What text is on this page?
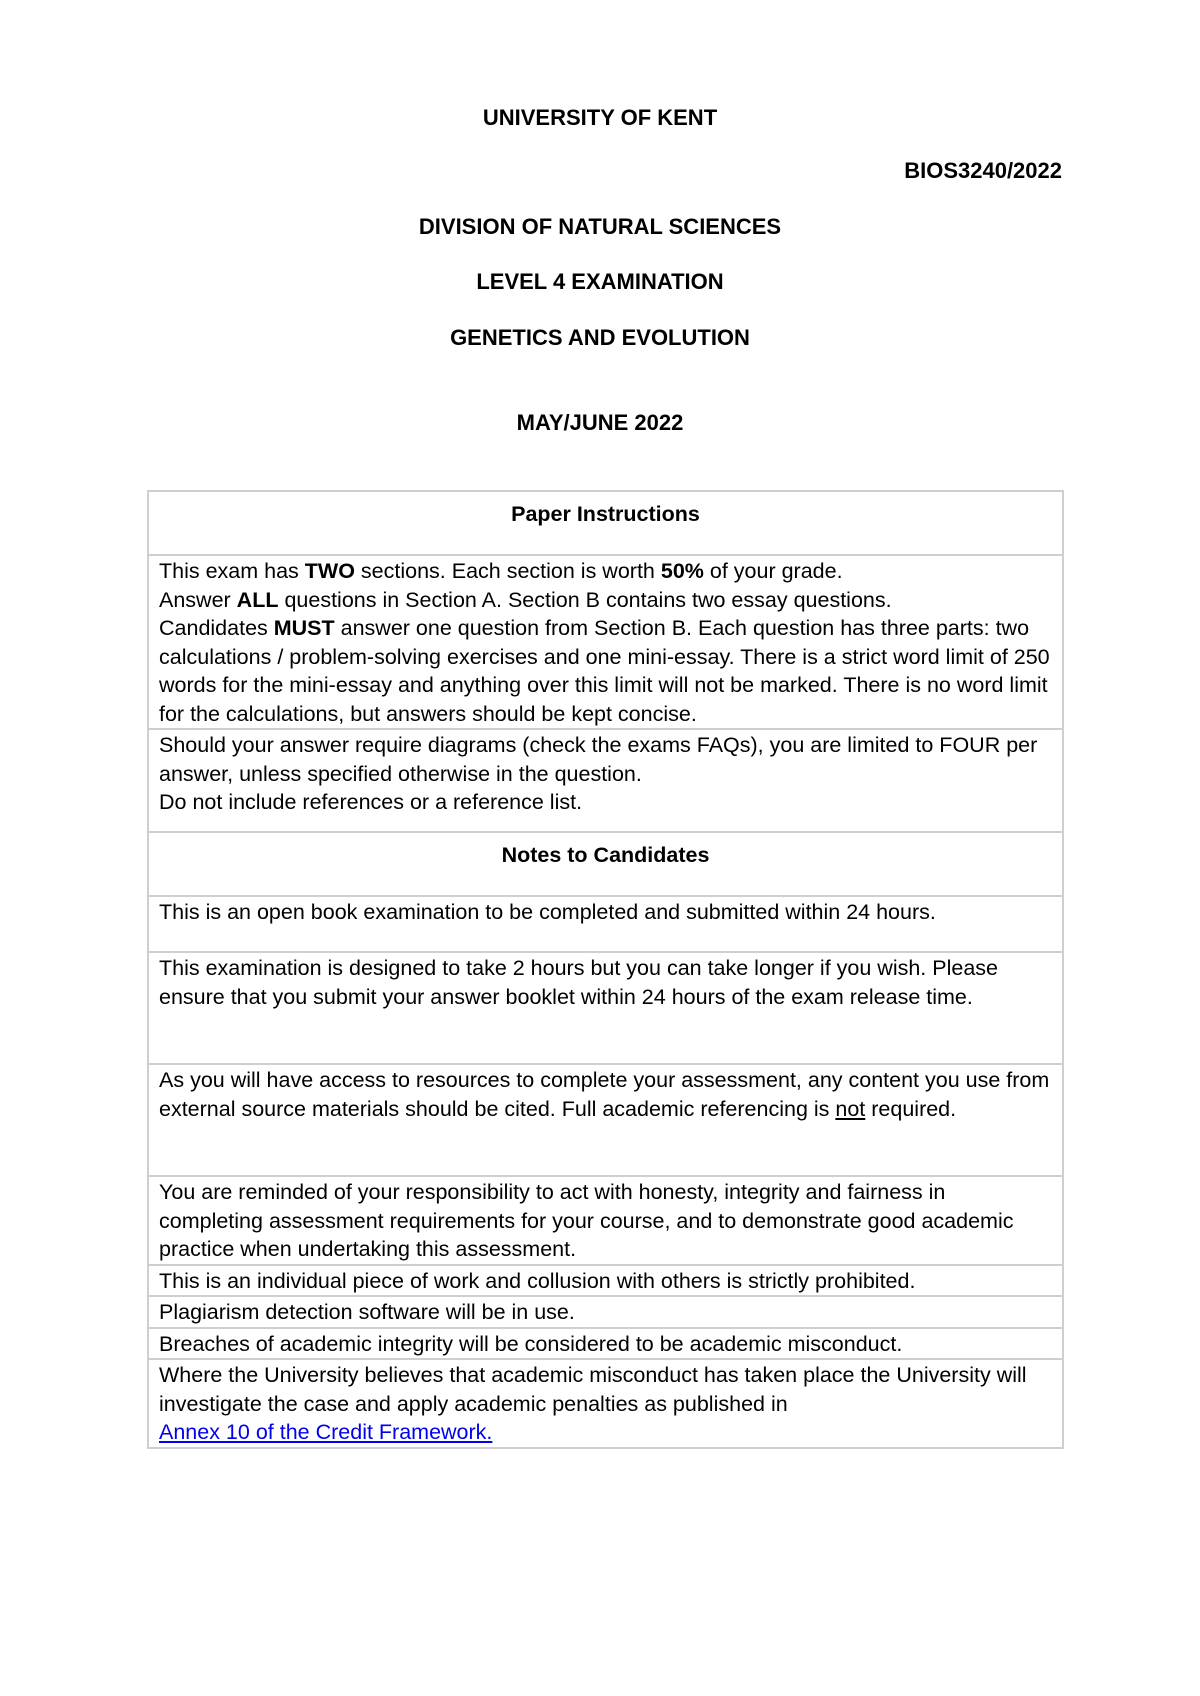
UNIVERSITY OF KENT
BIOS3240/2022
DIVISION OF NATURAL SCIENCES
LEVEL 4 EXAMINATION
GENETICS AND EVOLUTION
MAY/JUNE 2022
Paper Instructions
This exam has TWO sections. Each section is worth 50% of your grade.
Answer ALL questions in Section A. Section B contains two essay questions.
Candidates MUST answer one question from Section B. Each question has three parts: two calculations / problem-solving exercises and one mini-essay. There is a strict word limit of 250 words for the mini-essay and anything over this limit will not be marked. There is no word limit for the calculations, but answers should be kept concise.
Should your answer require diagrams (check the exams FAQs), you are limited to FOUR per answer, unless specified otherwise in the question.
Do not include references or a reference list.
Notes to Candidates
This is an open book examination to be completed and submitted within 24 hours.
This examination is designed to take 2 hours but you can take longer if you wish. Please ensure that you submit your answer booklet within 24 hours of the exam release time.
As you will have access to resources to complete your assessment, any content you use from external source materials should be cited. Full academic referencing is not required.
You are reminded of your responsibility to act with honesty, integrity and fairness in completing assessment requirements for your course, and to demonstrate good academic practice when undertaking this assessment.
This is an individual piece of work and collusion with others is strictly prohibited.
Plagiarism detection software will be in use.
Breaches of academic integrity will be considered to be academic misconduct.
Where the University believes that academic misconduct has taken place the University will investigate the case and apply academic penalties as published in
Annex 10 of the Credit Framework.
